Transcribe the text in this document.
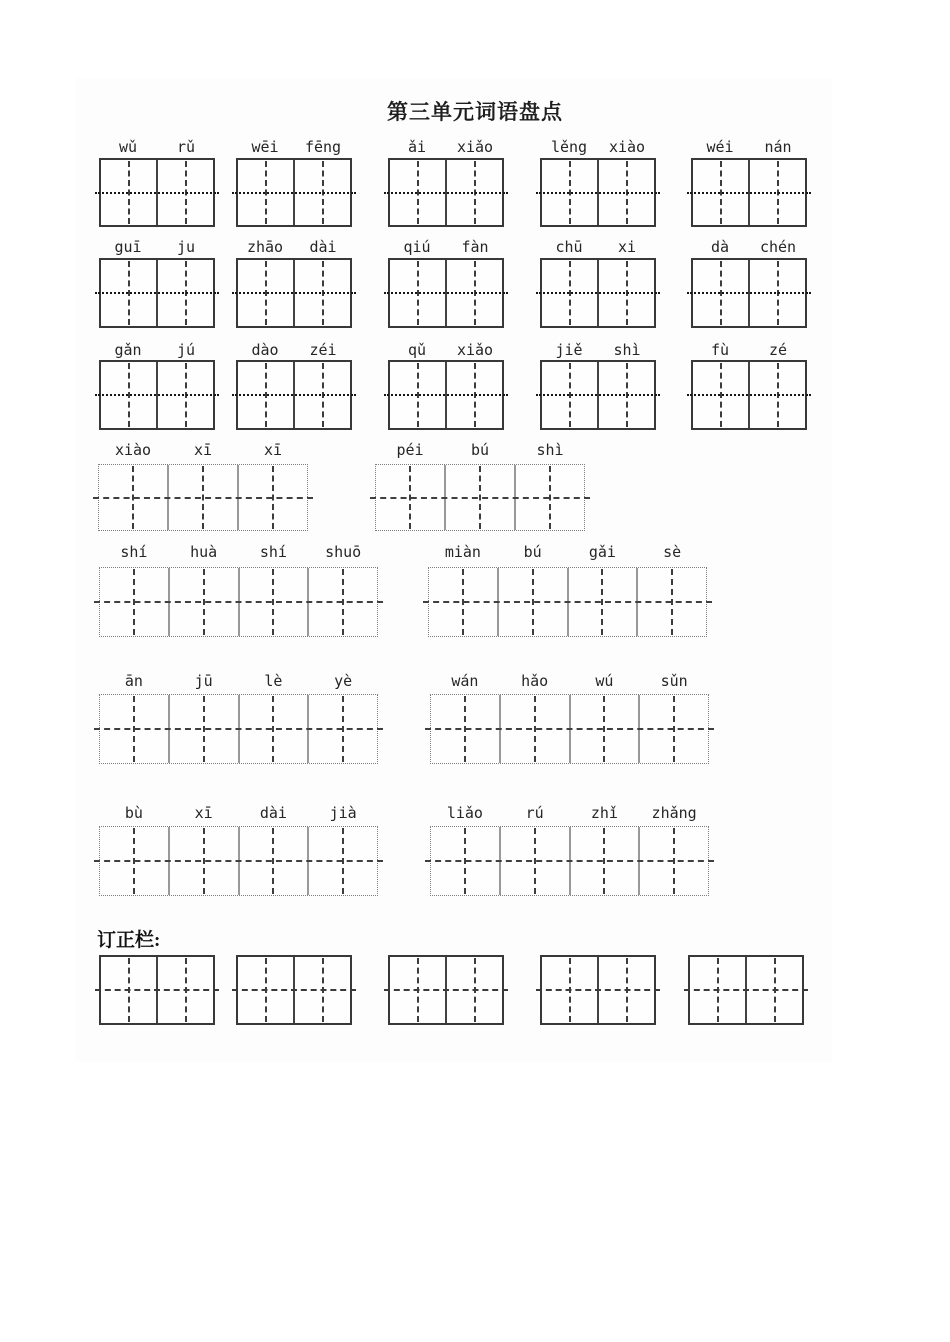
第三单元词语盘点
wǔ	rǔ	wēi	fēng	ǎi	xiǎo	lěng	xiào	wéi	nán
guī	ju	zhāo	dài	qiú	fàn	chū	xi	dà	chén
gǎn	jú	dào	zéi	qǔ	xiǎo	jiě	shì	fù	zé
xiào	xī	xī	péi	bú	shì
shí	huà	shí	shuō	miàn	bú	gǎi	sè
ān	jū	lè	yè	wán	hǎo	wú	sǔn
bù	xī	dài	jià	liǎo	rú	zhǐ	zhǎng
订正栏:
